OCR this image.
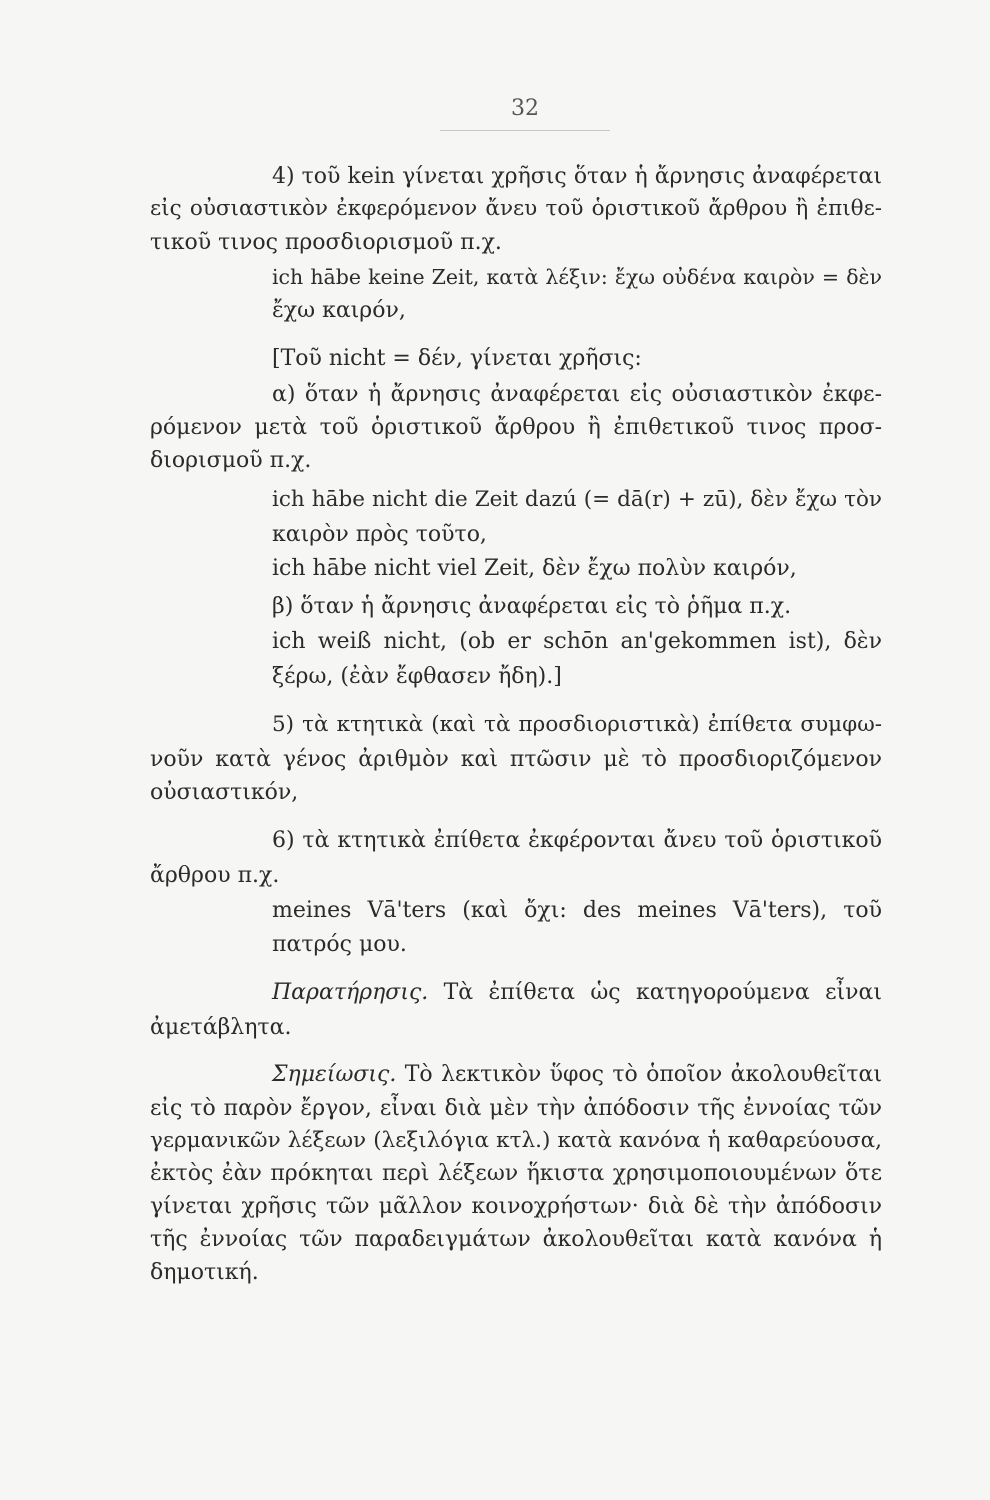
32

4) τοῦ kein γίνεται χρῆσις ὅταν ἡ ἄρνησις ἀναφέρεται

εἰς οὐσιαστικὸν ἐκφερόμενον ἄνευ τοῦ ὁριστικοῦ ἄρθρου ἢ ἐπιθε-

τικοῦ τινος προσδιορισμοῦ π.χ.

ich hābe keine Zeit, κατὰ λέξιν: ἔχω οὐδένα καιρὸν = δὲν

ἔχω καιρόν,

[Τοῦ nicht = δέν, γίνεται χρῆσις:

α) ὅταν ἡ ἄρνησις ἀναφέρεται εἰς οὐσιαστικὸν ἐκφε-

ρόμενον μετὰ τοῦ ὁριστικοῦ ἄρθρου ἢ ἐπιθετικοῦ τινος προσ-

διορισμοῦ π.χ.

ich hābe nicht die Zeit dazú (= dā(r) + zū), δὲν ἔχω τὸν

καιρὸν πρὸς τοῦτο,

ich hābe nicht viel Zeit, δὲν ἔχω πολὺν καιρόν,

β) ὅταν ἡ ἄρνησις ἀναφέρεται εἰς τὸ ῥῆμα π.χ.

ich weiß nicht, (ob er schōn an'gekommen ist), δὲν

ξέρω, (ἐὰν ἔφθασεν ἤδη).]

5) τὰ κτητικὰ (καὶ τὰ προσδιοριστικὰ) ἐπίθετα συμφω-

νοῦν κατὰ γένος ἀριθμὸν καὶ πτῶσιν μὲ τὸ προσδιοριζόμενον

οὐσιαστικόν,

6) τὰ κτητικὰ ἐπίθετα ἐκφέρονται ἄνευ τοῦ ὁριστικοῦ

ἄρθρου π.χ.

meines Vā'ters (καὶ ὄχι: des meines Vā'ters), τοῦ

πατρός μου.

Παρατήρησις. Τὰ ἐπίθετα ὡς κατηγορούμενα εἶναι

ἀμετάβλητα.

Σημείωσις. Τὸ λεκτικὸν ὕφος τὸ ὁποῖον ἀκολουθεῖται

εἰς τὸ παρὸν ἔργον, εἶναι διὰ μὲν τὴν ἀπόδοσιν τῆς ἐννοίας τῶν

γερμανικῶν λέξεων (λεξιλόγια κτλ.) κατὰ κανόνα ἡ καθαρεύουσα,

ἐκτὸς ἐὰν πρόκηται περὶ λέξεων ἥκιστα χρησιμοποιουμένων ὅτε

γίνεται χρῆσις τῶν μᾶλλον κοινοχρήστων· διὰ δὲ τὴν ἀπόδοσιν

τῆς ἐννοίας τῶν παραδειγμάτων ἀκολουθεῖται κατὰ κανόνα ἡ

δημοτική.
